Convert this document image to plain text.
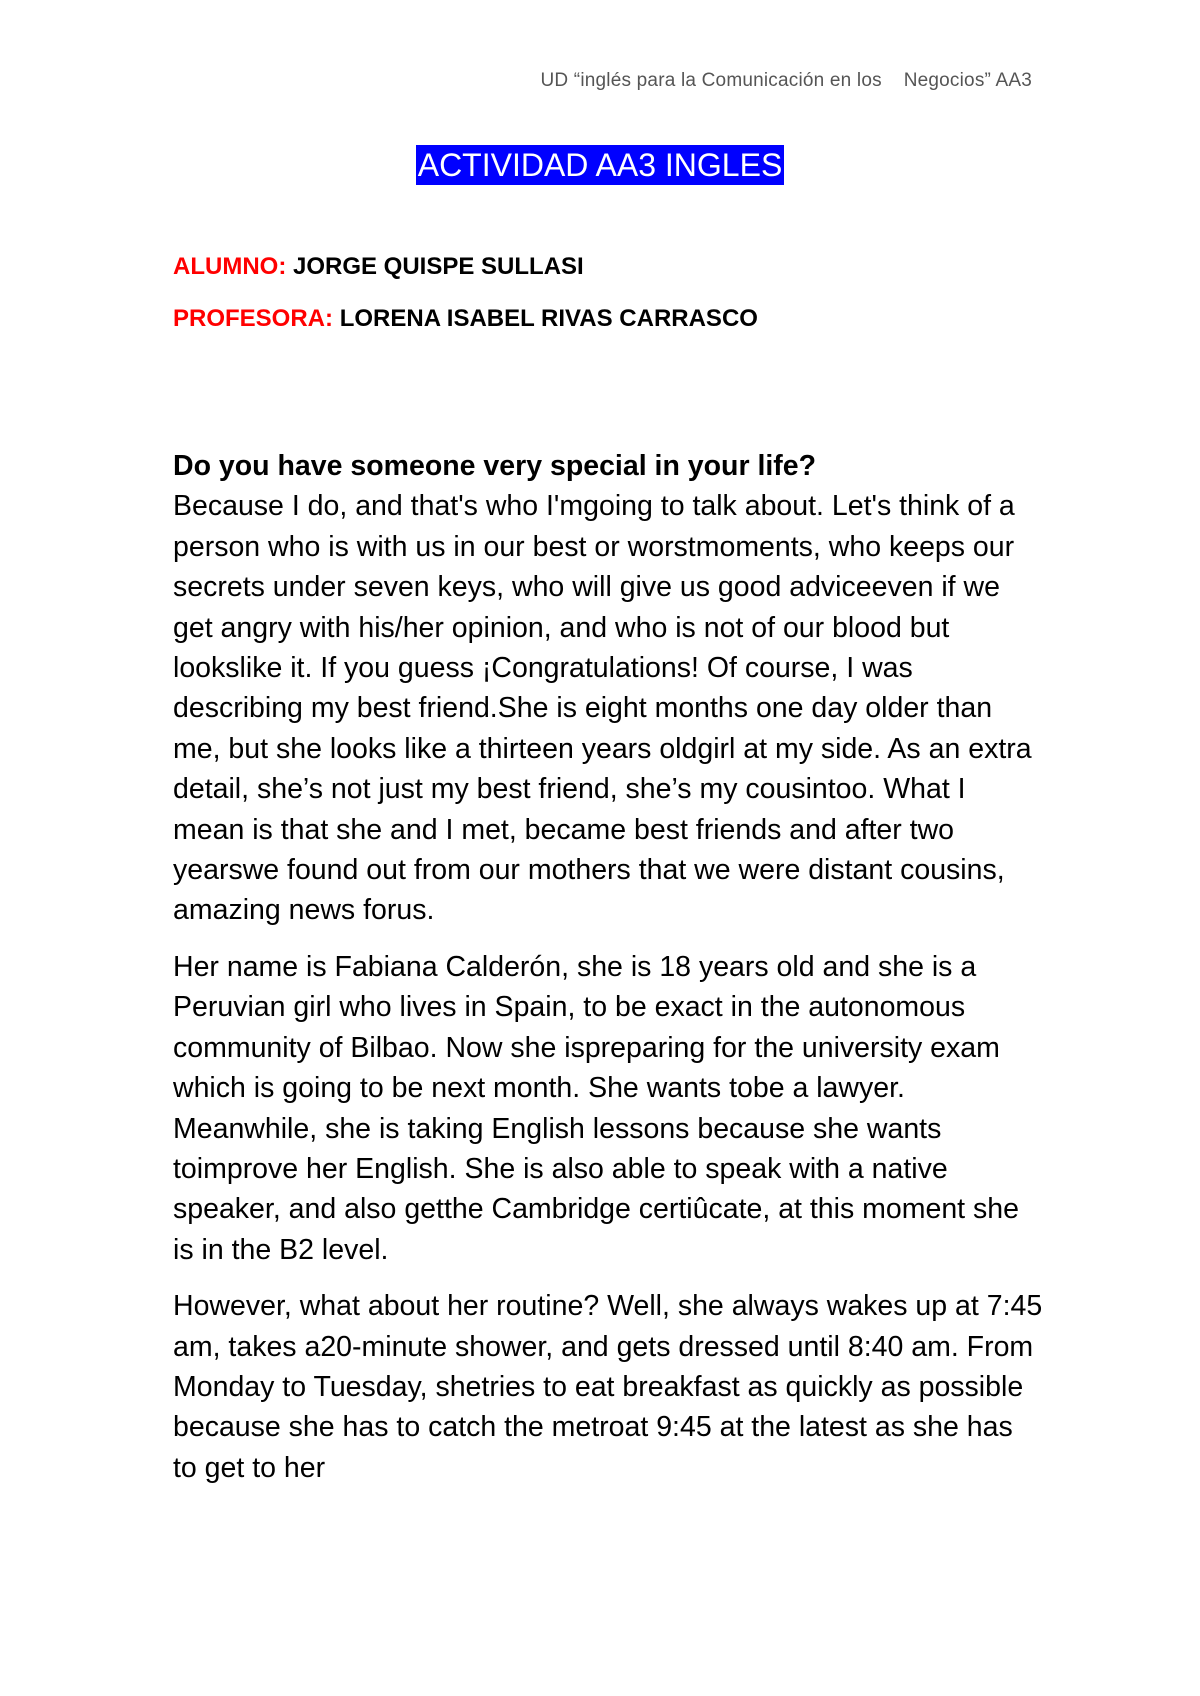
UD “inglés para la Comunicación en los    Negocios” AA3
ACTIVIDAD AA3 INGLES
ALUMNO: JORGE QUISPE SULLASI
PROFESORA: LORENA ISABEL RIVAS CARRASCO

Do you have someone very special in your life?
Because I do, and that's who I'mgoing to talk about. Let's think of a person who is with us in our best or worstmoments, who keeps our secrets under seven keys, who will give us good adviceeven if we get angry with his/her opinion, and who is not of our blood but lookslike it. If you guess ¡Congratulations! Of course, I was describing my best friend.She is eight months one day older than me, but she looks like a thirteen years oldgirl at my side. As an extra detail, she’s not just my best friend, she’s my cousintoo. What I mean is that she and I met, became best friends and after two yearswe found out from our mothers that we were distant cousins, amazing news forus.

Her name is Fabiana Calderón, she is 18 years old and she is a Peruvian girl who lives in Spain, to be exact in the autonomous community of Bilbao. Now she ispreparing for the university exam which is going to be next month. She wants tobe a lawyer. Meanwhile, she is taking English lessons because she wants toimprove her English. She is also able to speak with a native speaker, and also getthe Cambridge certiûcate, at this moment she is in the B2 level.

However, what about her routine? Well, she always wakes up at 7:45 am, takes a20-minute shower, and gets dressed until 8:40 am. From Monday to Tuesday, shetries to eat breakfast as quickly as possible because she has to catch the metroat 9:45 at the latest as she has to get to her
